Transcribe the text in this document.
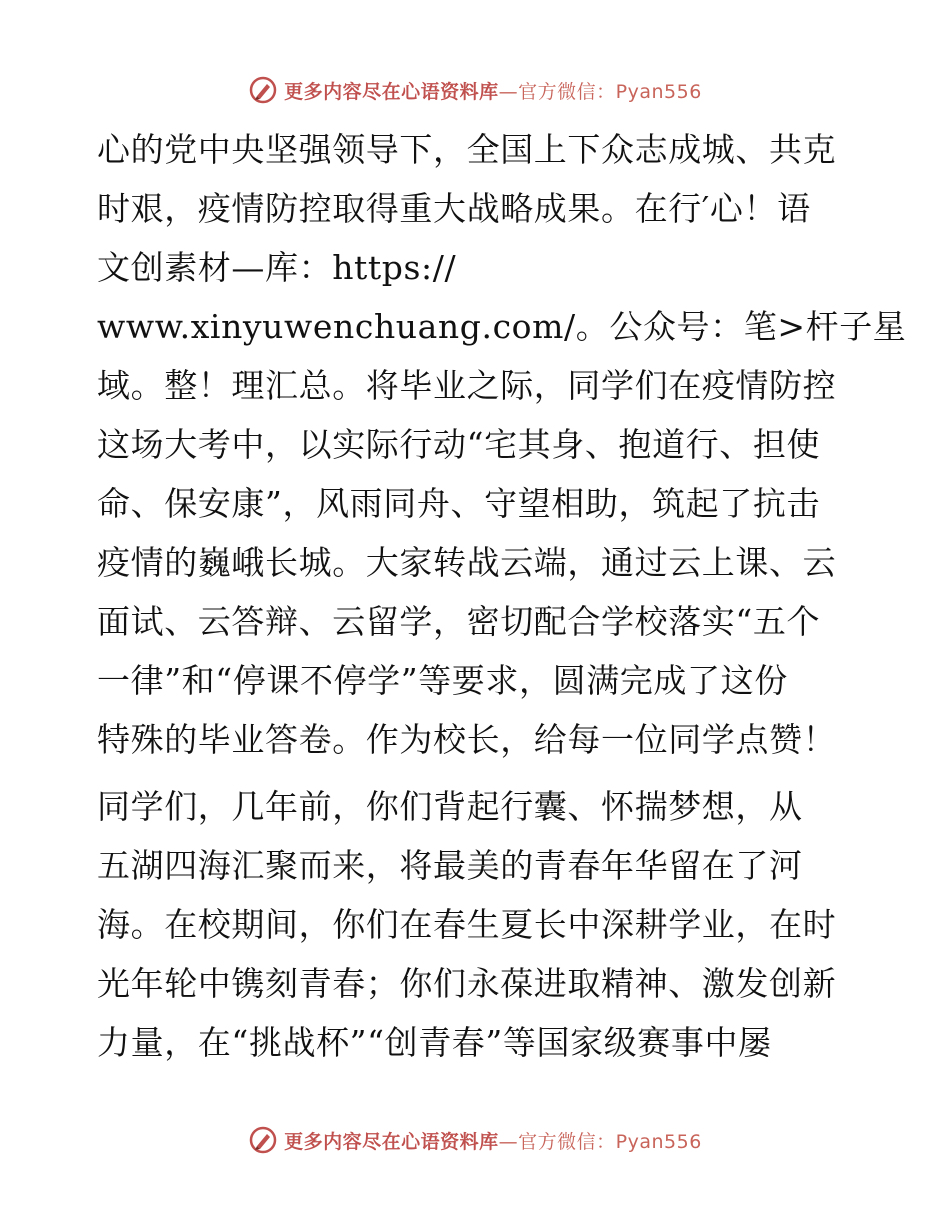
更多内容尽在心语资料库—官方微信：Pyan556
心的党中央坚强领导下，全国上下众志成城、共克
时艰，疫情防控取得重大战略成果。在行′心！语
文创素材—库：https://
www.xinyuwenchuang.com/。公众号：笔>杆子星
域。整！理汇总。将毕业之际，同学们在疫情防控
这场大考中，以实际行动“宅其身、抱道行、担使
命、保安康”，风雨同舟、守望相助，筑起了抗击
疫情的巍峨长城。大家转战云端，通过云上课、云
面试、云答辩、云留学，密切配合学校落实“五个
一律”和“停课不停学”等要求，圆满完成了这份
特殊的毕业答卷。作为校长，给每一位同学点赞！
同学们，几年前，你们背起行囊、怀揣梦想，从
五湖四海汇聚而来，将最美的青春年华留在了河
海。在校期间，你们在春生夏长中深耕学业，在时
光年轮中镌刻青春；你们永葆进取精神、激发创新
力量，在“挑战杯”“创青春”等国家级赛事中屡
更多内容尽在心语资料库—官方微信：Pyan556
